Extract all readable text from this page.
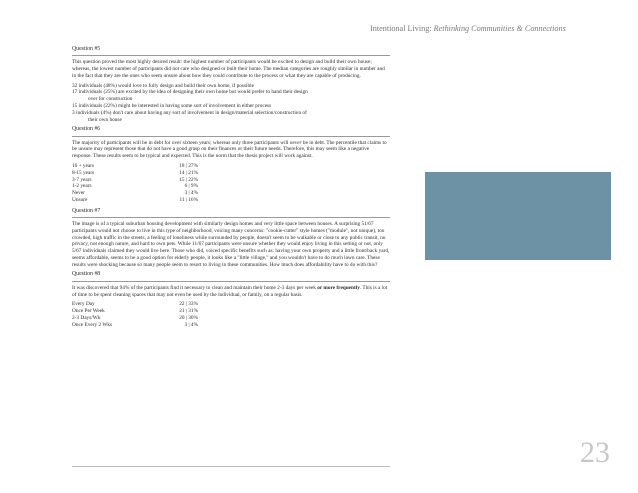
Intentional Living: Rethinking Communities & Connections
Question #5
This question proved the most highly desired result: the highest number of participants would be excited to design and build their own house; whereas, the lowest number of participants did not care who designed or built their home. The median categories are roughly similar in number and in the fact that they are the ones who seem unsure about how they could contribute to the process or what they are capable of producing.
32 individuals (48%) would love to fully design and build their own home, if possible
17 individuals (25%) are excited by the idea of designing their own home but would prefer to hand their design
over for construction
15 individuals (22%) might be interested in having some sort of involvement in either process
3 individuals (4%) don't care about having any sort of involvement in design/material selection/construction of
their own house
Question #6
The majority of participants will be in debt for over sixteen years; whereas only three participants will never be in debt. The percentile that claims to be unsure may represent those that do not have a good grasp on their finances or their future needs. Therefore, this may seem like a negative response. These results seem to be typical and expected. This is the norm that the thesis project will work against.
16 + years	18 | 27%
8-15 years	14 | 21%
3-7 years	15 | 22%
1-2 years	6 | 9%
Never	3 | 4%
Unsure	11 | 16%
Question #7
The image is of a typical suburban housing development with similarly design homes and very little space between houses. A surprising 51/67 participants would not choose to live in this type of neighborhood, voicing many concerns: "cookie-cutter" style homes ("module", not unique), too crowded, high traffic in the streets, a feeling of loneliness while surrounded by people, doesn't seem to be walkable or close to any public transit, no privacy, not enough nature, and hard to own pets. While 11/67 participants were unsure whether they would enjoy living in this setting or not, only 5/67 individuals claimed they would live here. Those who did, voiced specific benefits such as: having your own property and a little front/back yard, seems affordable, seems to be a good option for elderly people, it looks like a "little village," and you wouldn't have to do much lawn care. These results were shocking because so many people seem to resort to living in these communities. How much does affordability have to do with this?
Question #8
It was discovered that 94% of the participants find it necessary to clean and maintain their home 2-3 days per week or more frequently. This is a lot of time to be spent cleaning spaces that may not even be used by the individual, or family, on a regular basis.
Every Day	22 | 33%
Once Per Week	21 | 31%
2-3 Days/Wk	20 | 30%
Once Every 2 Wks	3 | 4%
23
